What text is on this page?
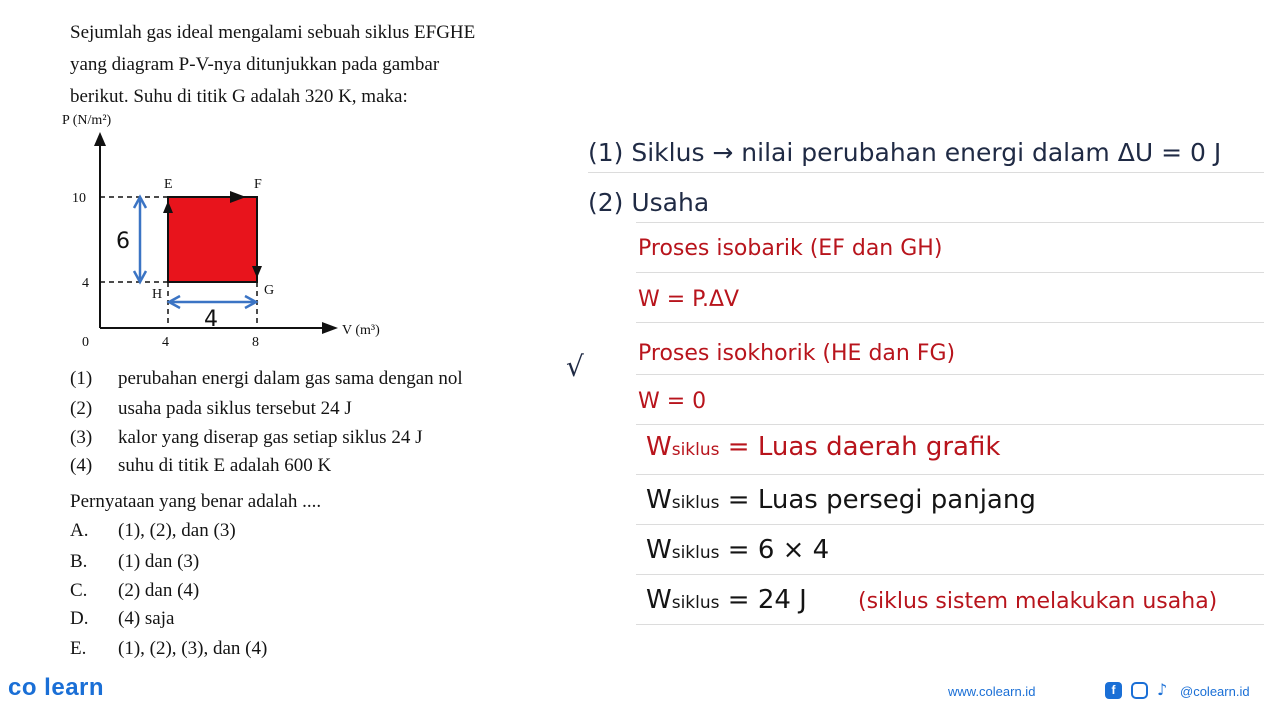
Sejumlah gas ideal mengalami sebuah siklus EFGHE
yang diagram P-V-nya ditunjukkan pada gambar
berikut. Suhu di titik G adalah 320 K, maka:
P (N/m²)
V (m³)
10
4
0	4	8
E	F
G
H
6
4
(1) perubahan energi dalam gas sama dengan nol
(2) usaha pada siklus tersebut 24 J
(3) kalor yang diserap gas setiap siklus 24 J
(4) suhu di titik E adalah 600 K
√
Pernyataan yang benar adalah ....
A. (1), (2), dan (3)
B. (1) dan (3)
C. (2) dan (4)
D. (4) saja
E. (1), (2), (3), dan (4)
(1) Siklus → nilai perubahan energi dalam ΔU = 0 J
(2) Usaha
Proses isobarik (EF dan GH)
W = P.ΔV
Proses isokhorik (HE dan FG)
W = 0
Wsiklus = Luas daerah grafik
Wsiklus = Luas persegi panjang
Wsiklus = 6 × 4
Wsiklus = 24 J (siklus sistem melakukan usaha)
co learn	www.colearn.id	f	♪ @colearn.id
